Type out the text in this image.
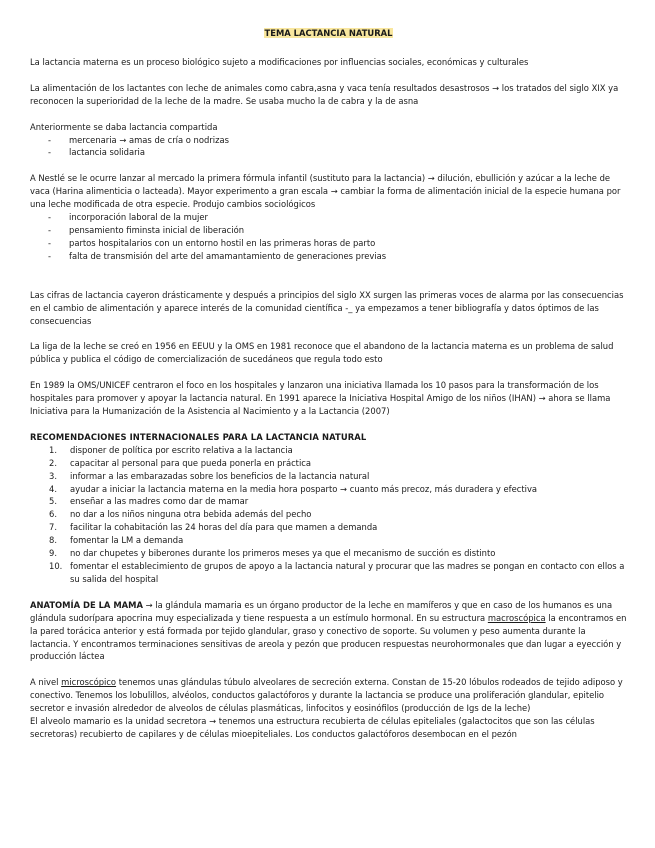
TEMA LACTANCIA NATURAL

La lactancia materna es un proceso biológico sujeto a modificaciones por influencias sociales, económicas y culturales

La alimentación de los lactantes con leche de animales como cabra,asna y vaca tenía resultados desastrosos → los tratados del siglo XIX ya reconocen la superioridad de la leche de la madre. Se usaba mucho la de cabra y la de asna

Anteriormente se daba lactancia compartida

- mercenaria → amas de cría o nodrizas
- lactancia solidaria

A Nestlé se le ocurre lanzar al mercado la primera fórmula infantil (sustituto para la lactancia) → dilución, ebullición y azúcar a la leche de vaca (Harina alimenticia o lacteada). Mayor experimento a gran escala → cambiar la forma de alimentación inicial de la especie humana por una leche modificada de otra especie. Produjo cambios sociológicos

- incorporación laboral de la mujer
- pensamiento fiminsta inicial de liberación
- partos hospitalarios con un entorno hostil en las primeras horas de parto
- falta de transmisión del arte del amamantamiento de generaciones previas

Las cifras de lactancia cayeron drásticamente y después a principios del siglo XX surgen las primeras voces de alarma por las consecuencias en el cambio de alimentación y aparece interés de la comunidad científica -_ ya empezamos a tener bibliografía y datos óptimos de las consecuencias

La liga de la leche se creó en 1956 en EEUU y la OMS en 1981 reconoce que el abandono de la lactancia materna es un problema de salud pública y publica el código de comercialización de sucedáneos que regula todo esto

En 1989 la OMS/UNICEF centraron el foco en los hospitales y lanzaron una iniciativa llamada los 10 pasos para la transformación de los hospitales para promover y apoyar la lactancia natural. En 1991 aparece la Iniciativa Hospital Amigo de los niños (IHAN) → ahora se llama Iniciativa para la Humanización de la Asistencia al Nacimiento y a la Lactancia (2007)

RECOMENDACIONES INTERNACIONALES PARA LA LACTANCIA NATURAL
1.	disponer de política por escrito relativa a la lactancia
2.	capacitar al personal para que pueda ponerla en práctica
3.	informar a las embarazadas sobre los beneficios de la lactancia natural
4.	ayudar a iniciar la lactancia materna en la media hora posparto → cuanto más precoz, más duradera y efectiva
5.	enseñar a las madres como dar de mamar
6.	no dar a los niños ninguna otra bebida además del pecho
7.	facilitar la cohabitación las 24 horas del día para que mamen a demanda
8.	fomentar la LM a demanda
9.	no dar chupetes y biberones durante los primeros meses ya que el mecanismo de succión es distinto
10. fomentar el establecimiento de grupos de apoyo a la lactancia natural y procurar que las madres se pongan en contacto con ellos a su salida del hospital

ANATOMÍA DE LA MAMA → la glándula mamaria es un órgano productor de la leche en mamíferos y que en caso de los humanos es una glándula sudorípara apocrina muy especializada y tiene respuesta a un estímulo hormonal. En su estructura macroscópica la encontramos en la pared torácica anterior y está formada por tejido glandular, graso y conectivo de soporte. Su volumen y peso aumenta durante la lactancia. Y encontramos terminaciones sensitivas de areola y pezón que producen respuestas neurohormonales que dan lugar a eyección y producción láctea

A nivel microscópico tenemos unas glándulas túbulo alveolares de secreción externa. Constan de 15-20 lóbulos rodeados de tejido adiposo y conectivo. Tenemos los lobulillos, alvéolos, conductos galactóforos y durante la lactancia se produce una proliferación glandular, epitelio secretor e invasión alrededor de alveolos de células plasmáticas, linfocitos y eosinófilos (producción de Igs de la leche)

El alveolo mamario es la unidad secretora → tenemos una estructura recubierta de células epiteliales (galactocitos que son las células secretoras) recubierto de capilares y de células mioepiteliales. Los conductos galactóforos desembocan en el pezón
